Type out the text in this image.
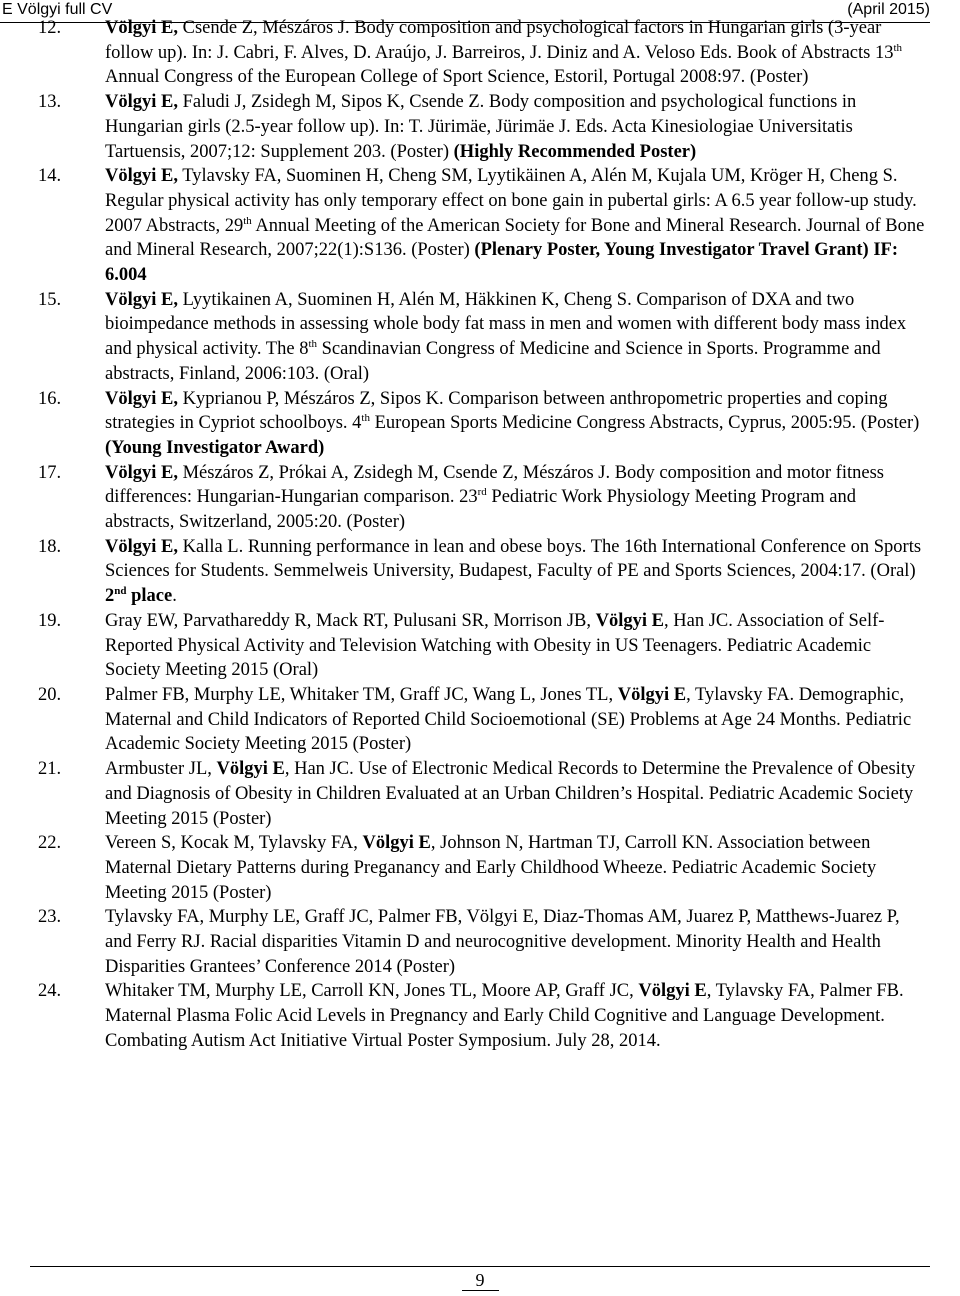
E Völgyi full CV	(April 2015)
12. Völgyi E, Csende Z, Mészáros J. Body composition and psychological factors in Hungarian girls (3-year follow up). In: J. Cabri, F. Alves, D. Araújo, J. Barreiros, J. Diniz and A. Veloso Eds. Book of Abstracts 13th Annual Congress of the European College of Sport Science, Estoril, Portugal 2008:97. (Poster)
13. Völgyi E, Faludi J, Zsidegh M, Sipos K, Csende Z. Body composition and psychological functions in Hungarian girls (2.5-year follow up). In: T. Jürimäe, Jürimäe J. Eds. Acta Kinesiologiae Universitatis Tartuensis, 2007;12: Supplement 203. (Poster) (Highly Recommended Poster)
14. Völgyi E, Tylavsky FA, Suominen H, Cheng SM, Lyytikäinen A, Alén M, Kujala UM, Kröger H, Cheng S. Regular physical activity has only temporary effect on bone gain in pubertal girls: A 6.5 year follow-up study. 2007 Abstracts, 29th Annual Meeting of the American Society for Bone and Mineral Research. Journal of Bone and Mineral Research, 2007;22(1):S136. (Poster) (Plenary Poster, Young Investigator Travel Grant) IF: 6.004
15. Völgyi E, Lyytikainen A, Suominen H, Alén M, Häkkinen K, Cheng S. Comparison of DXA and two bioimpedance methods in assessing whole body fat mass in men and women with different body mass index and physical activity. The 8th Scandinavian Congress of Medicine and Science in Sports. Programme and abstracts, Finland, 2006:103. (Oral)
16. Völgyi E, Kyprianou P, Mészáros Z, Sipos K. Comparison between anthropometric properties and coping strategies in Cypriot schoolboys. 4th European Sports Medicine Congress Abstracts, Cyprus, 2005:95. (Poster) (Young Investigator Award)
17. Völgyi E, Mészáros Z, Prókai A, Zsidegh M, Csende Z, Mészáros J. Body composition and motor fitness differences: Hungarian-Hungarian comparison. 23rd Pediatric Work Physiology Meeting Program and abstracts, Switzerland, 2005:20. (Poster)
18. Völgyi E, Kalla L. Running performance in lean and obese boys. The 16th International Conference on Sports Sciences for Students. Semmelweis University, Budapest, Faculty of PE and Sports Sciences, 2004:17. (Oral) 2nd place.
19. Gray EW, Parvathareddy R, Mack RT, Pulusani SR, Morrison JB, Völgyi E, Han JC. Association of Self-Reported Physical Activity and Television Watching with Obesity in US Teenagers. Pediatric Academic Society Meeting 2015 (Oral)
20. Palmer FB, Murphy LE, Whitaker TM, Graff JC, Wang L, Jones TL, Völgyi E, Tylavsky FA. Demographic, Maternal and Child Indicators of Reported Child Socioemotional (SE) Problems at Age 24 Months. Pediatric Academic Society Meeting 2015 (Poster)
21. Armbuster JL, Völgyi E, Han JC. Use of Electronic Medical Records to Determine the Prevalence of Obesity and Diagnosis of Obesity in Children Evaluated at an Urban Children’s Hospital. Pediatric Academic Society Meeting 2015 (Poster)
22. Vereen S, Kocak M, Tylavsky FA, Völgyi E, Johnson N, Hartman TJ, Carroll KN. Association between Maternal Dietary Patterns during Preganancy and Early Childhood Wheeze. Pediatric Academic Society Meeting 2015 (Poster)
23. Tylavsky FA, Murphy LE, Graff JC, Palmer FB, Völgyi E, Diaz-Thomas AM, Juarez P, Matthews-Juarez P, and Ferry RJ. Racial disparities Vitamin D and neurocognitive development. Minority Health and Health Disparities Grantees’ Conference 2014 (Poster)
24. Whitaker TM, Murphy LE, Carroll KN, Jones TL, Moore AP, Graff JC, Völgyi E, Tylavsky FA, Palmer FB. Maternal Plasma Folic Acid Levels in Pregnancy and Early Child Cognitive and Language Development. Combating Autism Act Initiative Virtual Poster Symposium. July 28, 2014.
9
